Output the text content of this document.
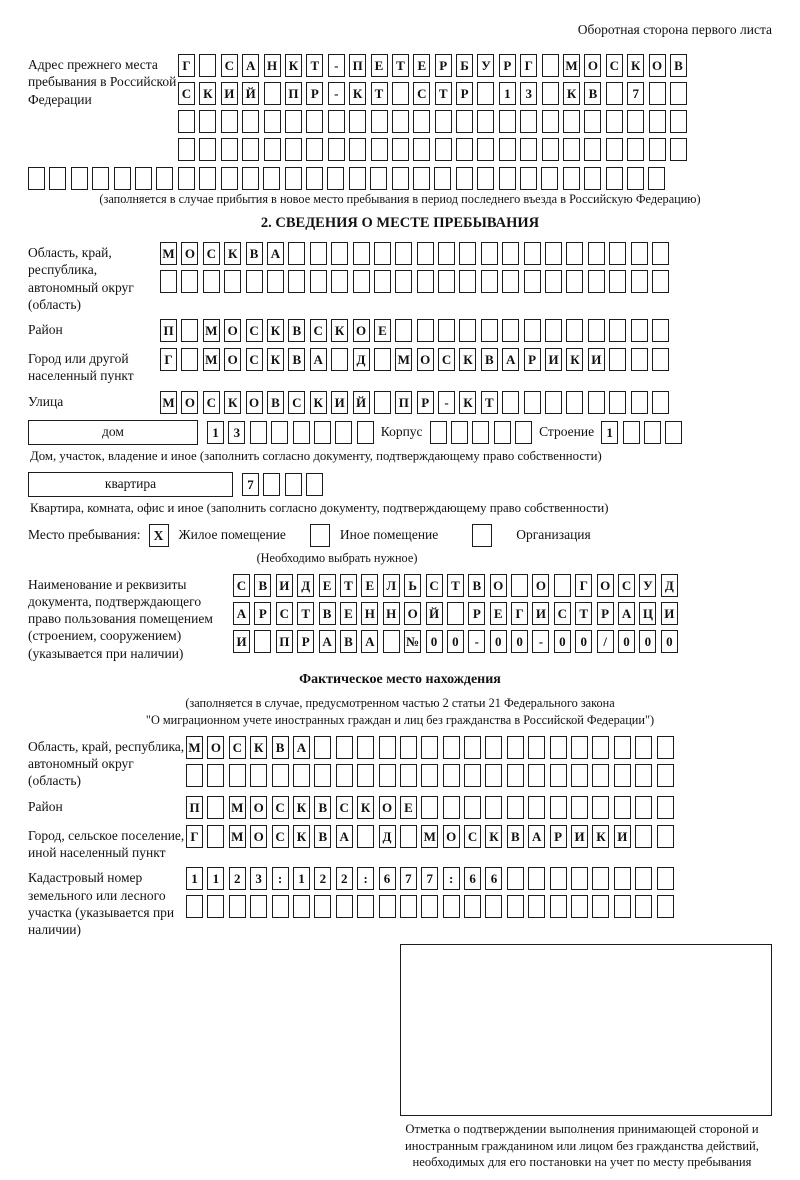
Оборотная сторона первого листа
Адрес прежнего места пребывания в Российской Федерации
Г	С А Н К Т	-	П Е Т Е	Р	Б У Р	Г	М О С К О В
С К И Й	П Р	-	К Т	С Т	Р	1	3	К В	7
(заполняется в случае прибытия в новое место пребывания в период последнего въезда в Российскую Федерацию)
2. СВЕДЕНИЯ О МЕСТЕ ПРЕБЫВАНИЯ
Область, край, республика, автономный округ (область)
М О С К В А
Район	П М О С К В С К О Е
Город или другой населенный пункт
Г	М О С К В А	Д	М О С К В А Р И К И
Улица	М О С К О В С К И Й	П Р	-	К Т
дом	1	3	Корпус	Строение 1
Дом, участок, владение и иное (заполнить согласно документу, подтверждающему право собственности)
квартира	7
Квартира, комната, офис и иное (заполнить согласно документу, подтверждающему право собственности)
Место пребывания: X	Жилое помещение	Иное помещение	Организация
(Необходимо выбрать нужное)
Наименование и реквизиты документа, подтверждающего право пользования помещением (строением, сооружением) (указывается при наличии)
С В И Д Е Т Е Л Ь С Т В О	О	Г О С У Д
А Р С Т В Е Н Н О Й	Р	Е Г И С Т	Р А Ц И
И	П Р А В А № 0	0	-	0	0	-	0	0	/	0	0	0
Фактическое место нахождения
(заполняется в случае, предусмотренном частью 2 статьи 21 Федерального закона
"О миграционном учете иностранных граждан и лиц без гражданства в Российской Федерации")
Область, край, республика, автономный округ (область)
М О С К В А
Район	П М О С К В С К О Е
Город, сельское поселение, иной населенный пункт
Г	М О С К В А	Д	М О С К В А Р И К И
Кадастровый номер земельного или лесного участка (указывается при наличии)
1	1	2	3	:	1	2	2	:	6	7	7	:	6	6
Отметка о подтверждении выполнения принимающей стороной и иностранным гражданином или лицом без гражданства действий, необходимых для его постановки на учет по месту пребывания
